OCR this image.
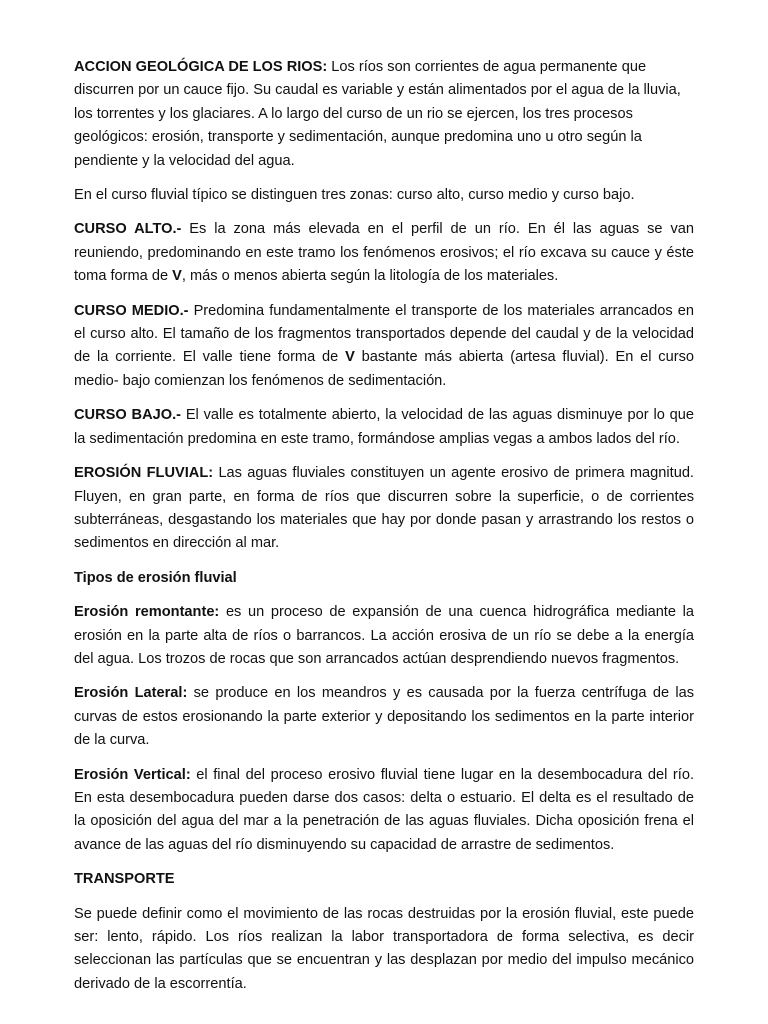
ACCION GEOLÓGICA DE LOS RIOS: Los ríos son corrientes de agua permanente que discurren por un cauce fijo. Su caudal es variable y están alimentados por el agua de la lluvia, los torrentes y los glaciares. A lo largo del curso de un rio se ejercen, los tres procesos geológicos: erosión, transporte y sedimentación, aunque predomina uno u otro según la pendiente y la velocidad del agua.

En el curso fluvial típico se distinguen tres zonas: curso alto, curso medio y curso bajo.

CURSO ALTO.- Es la zona más elevada en el perfil de un río. En él las aguas se van reuniendo, predominando en este tramo los fenómenos erosivos; el río excava su cauce y éste toma forma de V, más o menos abierta según la litología de los materiales.

CURSO MEDIO.- Predomina fundamentalmente el transporte de los materiales arrancados en el curso alto. El tamaño de los fragmentos transportados depende del caudal y de la velocidad de la corriente. El valle tiene forma de V bastante más abierta (artesa fluvial). En el curso medio- bajo comienzan los fenómenos de sedimentación.

CURSO BAJO.- El valle es totalmente abierto, la velocidad de las aguas disminuye por lo que la sedimentación predomina en este tramo, formándose amplias vegas a ambos lados del río.

EROSIÓN FLUVIAL: Las aguas fluviales constituyen un agente erosivo de primera magnitud. Fluyen, en gran parte, en forma de ríos que discurren sobre la superficie, o de corrientes subterráneas, desgastando los materiales que hay por donde pasan y arrastrando los restos o sedimentos en dirección al mar.

Tipos de erosión fluvial

Erosión remontante: es un proceso de expansión de una cuenca hidrográfica mediante la erosión en la parte alta de ríos o barrancos. La acción erosiva de un río se debe a la energía del agua. Los trozos de rocas que son arrancados actúan desprendiendo nuevos fragmentos.

Erosión Lateral: se produce en los meandros y es causada por la fuerza centrífuga de las curvas de estos erosionando la parte exterior y depositando los sedimentos en la parte interior de la curva.

Erosión Vertical: el final del proceso erosivo fluvial tiene lugar en la desembocadura del río. En esta desembocadura pueden darse dos casos: delta o estuario. El delta es el resultado de la oposición del agua del mar a la penetración de las aguas fluviales. Dicha oposición frena el avance de las aguas del río disminuyendo su capacidad de arrastre de sedimentos.

TRANSPORTE

Se puede definir como el movimiento de las rocas destruidas por la erosión fluvial, este puede ser: lento, rápido. Los ríos realizan la labor transportadora de forma selectiva, es decir seleccionan las partículas que se encuentran y las desplazan por medio del impulso mecánico derivado de la escorrentía.
